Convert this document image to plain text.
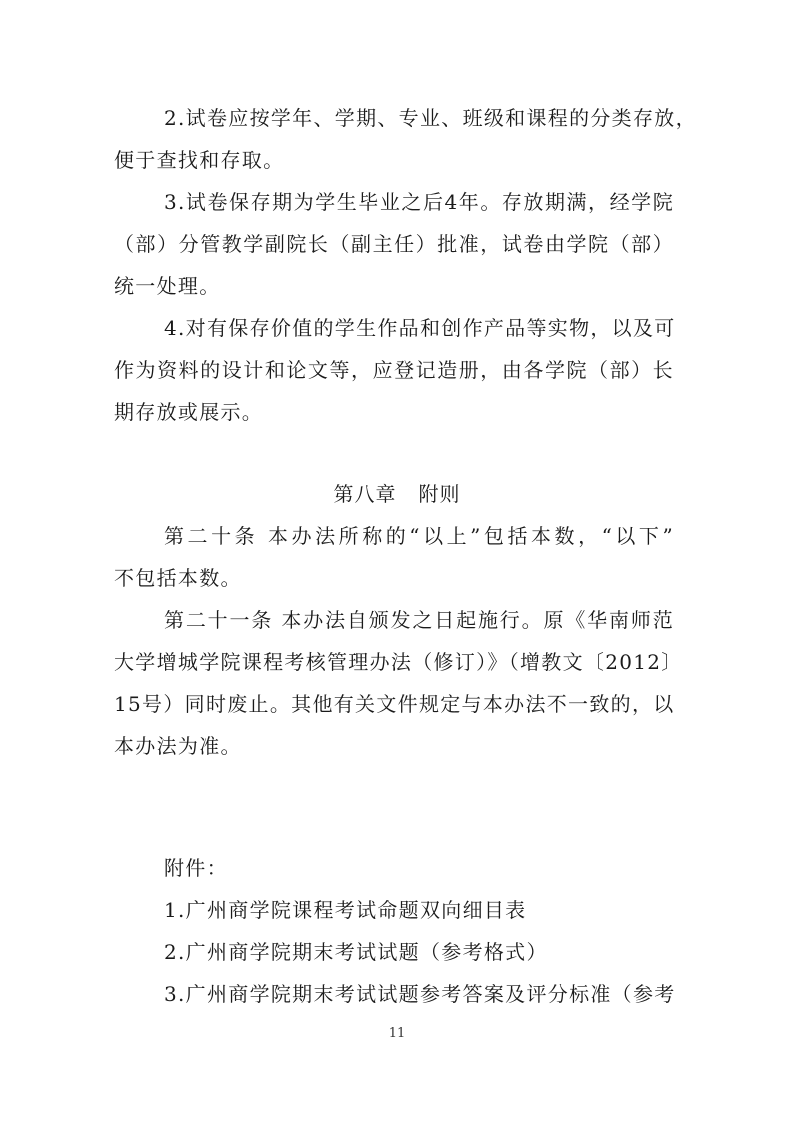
2.试卷应按学年、学期、专业、班级和课程的分类存放，
便于查找和存取。
3.试卷保存期为学生毕业之后4年。存放期满，经学院
（部）分管教学副院长（副主任）批准，试卷由学院（部）
统一处理。
4.对有保存价值的学生作品和创作产品等实物，以及可
作为资料的设计和论文等，应登记造册，由各学院（部）长
期存放或展示。
第八章   附则
第二十条 本办法所称的“以上”包括本数，“以下”
不包括本数。
第二十一条 本办法自颁发之日起施行。原《华南师范
大学增城学院课程考核管理办法（修订）》（增教文〔2012〕
15号）同时废止。其他有关文件规定与本办法不一致的，以
本办法为准。
附件：
1.广州商学院课程考试命题双向细目表
2.广州商学院期末考试试题（参考格式）
3.广州商学院期末考试试题参考答案及评分标准（参考
11
